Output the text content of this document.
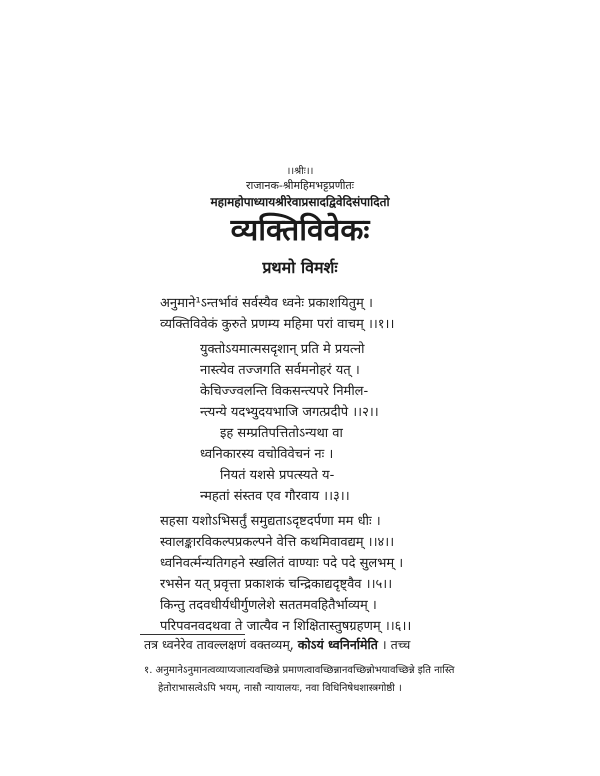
।।श्रीः।।
राजानक-श्रीमहिमभट्टप्रणीतः
महामहोपाध्यायश्रीरेवाप्रसादद्विवेदिसंपादितो
व्यक्तिविवेकः
प्रथमो विमर्शः
अनुमाने¹ऽन्तर्भावं सर्वस्यैव ध्वनेः प्रकाशयितुम् ।
व्यक्तिविवेकं कुरुते प्रणम्य महिमा परां वाचम् ।।१।।
युक्तोऽयमात्मसदृशान् प्रति मे प्रयत्नो
नास्त्येव तज्जगति सर्वमनोहरं यत् ।
केचिज्ज्वलन्ति विकसन्त्यपरे निमील-
न्त्यन्ये यदभ्युदयभाजि जगत्प्रदीपे ।।२।।
इह सम्प्रतिपत्तितोऽन्यथा वा
ध्वनिकारस्य वचोविवेचनं नः ।
नियतं यशसे प्रपत्स्यते य-
न्महतां संस्तव एव गौरवाय ।।३।।
सहसा यशोऽभिसर्तुं समुद्यताऽदृष्टदर्पणा मम धीः ।
स्वालङ्कारविकल्पप्रकल्पने वेत्ति कथमिवावद्यम् ।।४।।
ध्वनिवर्त्मन्यतिगहने स्खलितं वाण्याः पदे पदे सुलभम् ।
रभसेन यत् प्रवृत्ता प्रकाशकं चन्द्रिकाद्यदृष्ट्वैव ।।५।।
किन्तु तदवधीर्यधीर्गुणलेशे सततमवहितैर्भाव्यम् ।
परिपवनवदथवा ते जात्यैव न शिक्षितास्तुषग्रहणम् ।।६।।
तत्र ध्वनेरेव तावल्लक्षणं वक्तव्यम्, कोऽयं ध्वनिर्नामेति । तच्च
१. अनुमानेऽनुमानत्वव्याप्यजात्यवच्छिन्ने प्रमाणत्वावच्छिन्नानवच्छिन्नोभयावच्छिन्ने इति नास्ति
हेतोराभासत्वेऽपि भयम्, नासौ न्यायालयः, नवा विधिनिषेधशास्त्रगोष्ठी ।
